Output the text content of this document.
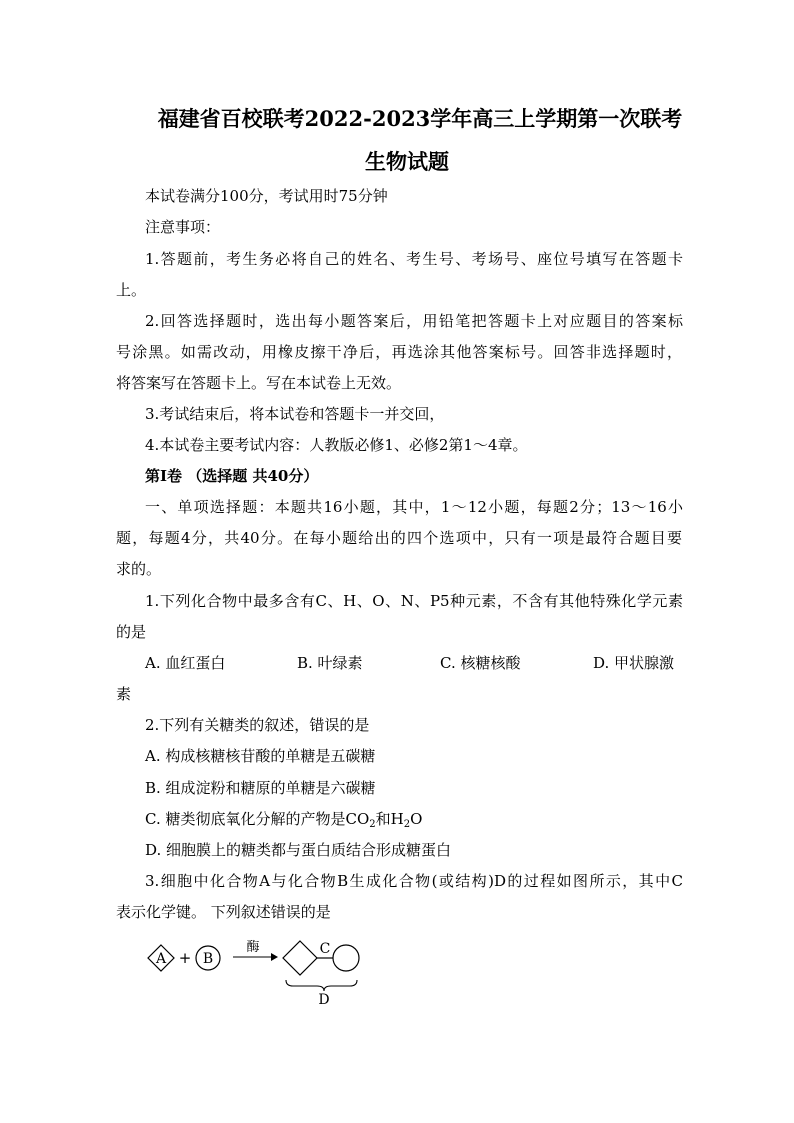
福建省百校联考2022-2023学年高三上学期第一次联考
生物试题
本试卷满分100分，考试用时75分钟
注意事项：
1.答题前，考生务必将自己的姓名、考生号、考场号、座位号填写在答题卡
上。
2.回答选择题时，选出每小题答案后，用铅笔把答题卡上对应题目的答案标
号涂黑。如需改动，用橡皮擦干净后，再选涂其他答案标号。回答非选择题时，
将答案写在答题卡上。写在本试卷上无效。
3.考试结束后，将本试卷和答题卡一并交回，
4.本试卷主要考试内容：人教版必修1、必修2第1～4章。
第I卷 （选择题 共40分）
一、单项选择题：本题共16小题，其中，1～12小题，每题2分；13～16小
题，每题4分，共40分。在每小题给出的四个选项中，只有一项是最符合题目要
求的。
1.下列化合物中最多含有C、H、O、N、P5种元素，不含有其他特殊化学元素
的是
A. 血红蛋白	B. 叶绿素	C. 核糖核酸	D. 甲状腺激
素
2.下列有关糖类的叙述，错误的是
A. 构成核糖核苷酸的单糖是五碳糖
B. 组成淀粉和糖原的单糖是六碳糖
C. 糖类彻底氧化分解的产物是$CO_2$和$H_2O$
D. 细胞膜上的糖类都与蛋白质结合形成糖蛋白
3.细胞中化合物A与化合物B生成化合物(或结构)D的过程如图所示，其中C
表示化学键。 下列叙述错误的是
A + B
酶	C
D
